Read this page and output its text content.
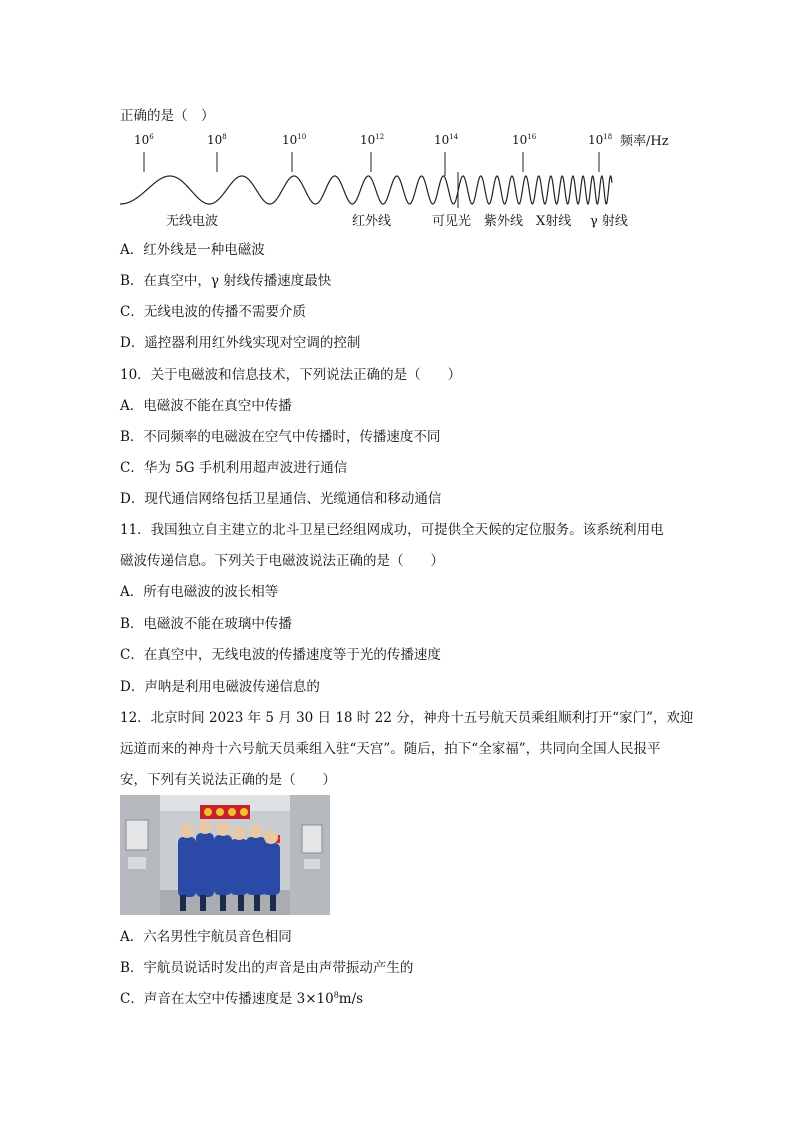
正确的是（　）
$10^6$	$10^8$	$10^{10}$	$10^{12}$	$10^{14}$	$10^{16}$	$10^{18}$ 频率/Hz
无线电波	红外线	可见光 紫外线 X射线 γ 射线
A．红外线是一种电磁波
B．在真空中，γ 射线传播速度最快
C．无线电波的传播不需要介质
D．遥控器利用红外线实现对空调的控制
10．关于电磁波和信息技术，下列说法正确的是（　　）
A．电磁波不能在真空中传播
B．不同频率的电磁波在空气中传播时，传播速度不同
C．华为 5G 手机利用超声波进行通信
D．现代通信网络包括卫星通信、光缆通信和移动通信
11．我国独立自主建立的北斗卫星已经组网成功，可提供全天候的定位服务。该系统利用电
磁波传递信息。下列关于电磁波说法正确的是（　　）
A．所有电磁波的波长相等
B．电磁波不能在玻璃中传播
C．在真空中，无线电波的传播速度等于光的传播速度
D．声呐是利用电磁波传递信息的
12．北京时间 2023 年 5 月 30 日 18 时 22 分，神舟十五号航天员乘组顺利打开“家门”，欢迎
远道而来的神舟十六号航天员乘组入驻“天宫”。随后，拍下“全家福”，共同向全国人民报平
安，下列有关说法正确的是（　　）
A．六名男性宇航员音色相同
B．宇航员说话时发出的声音是由声带振动产生的
C．声音在太空中传播速度是 $3\times 10^8m/s$
